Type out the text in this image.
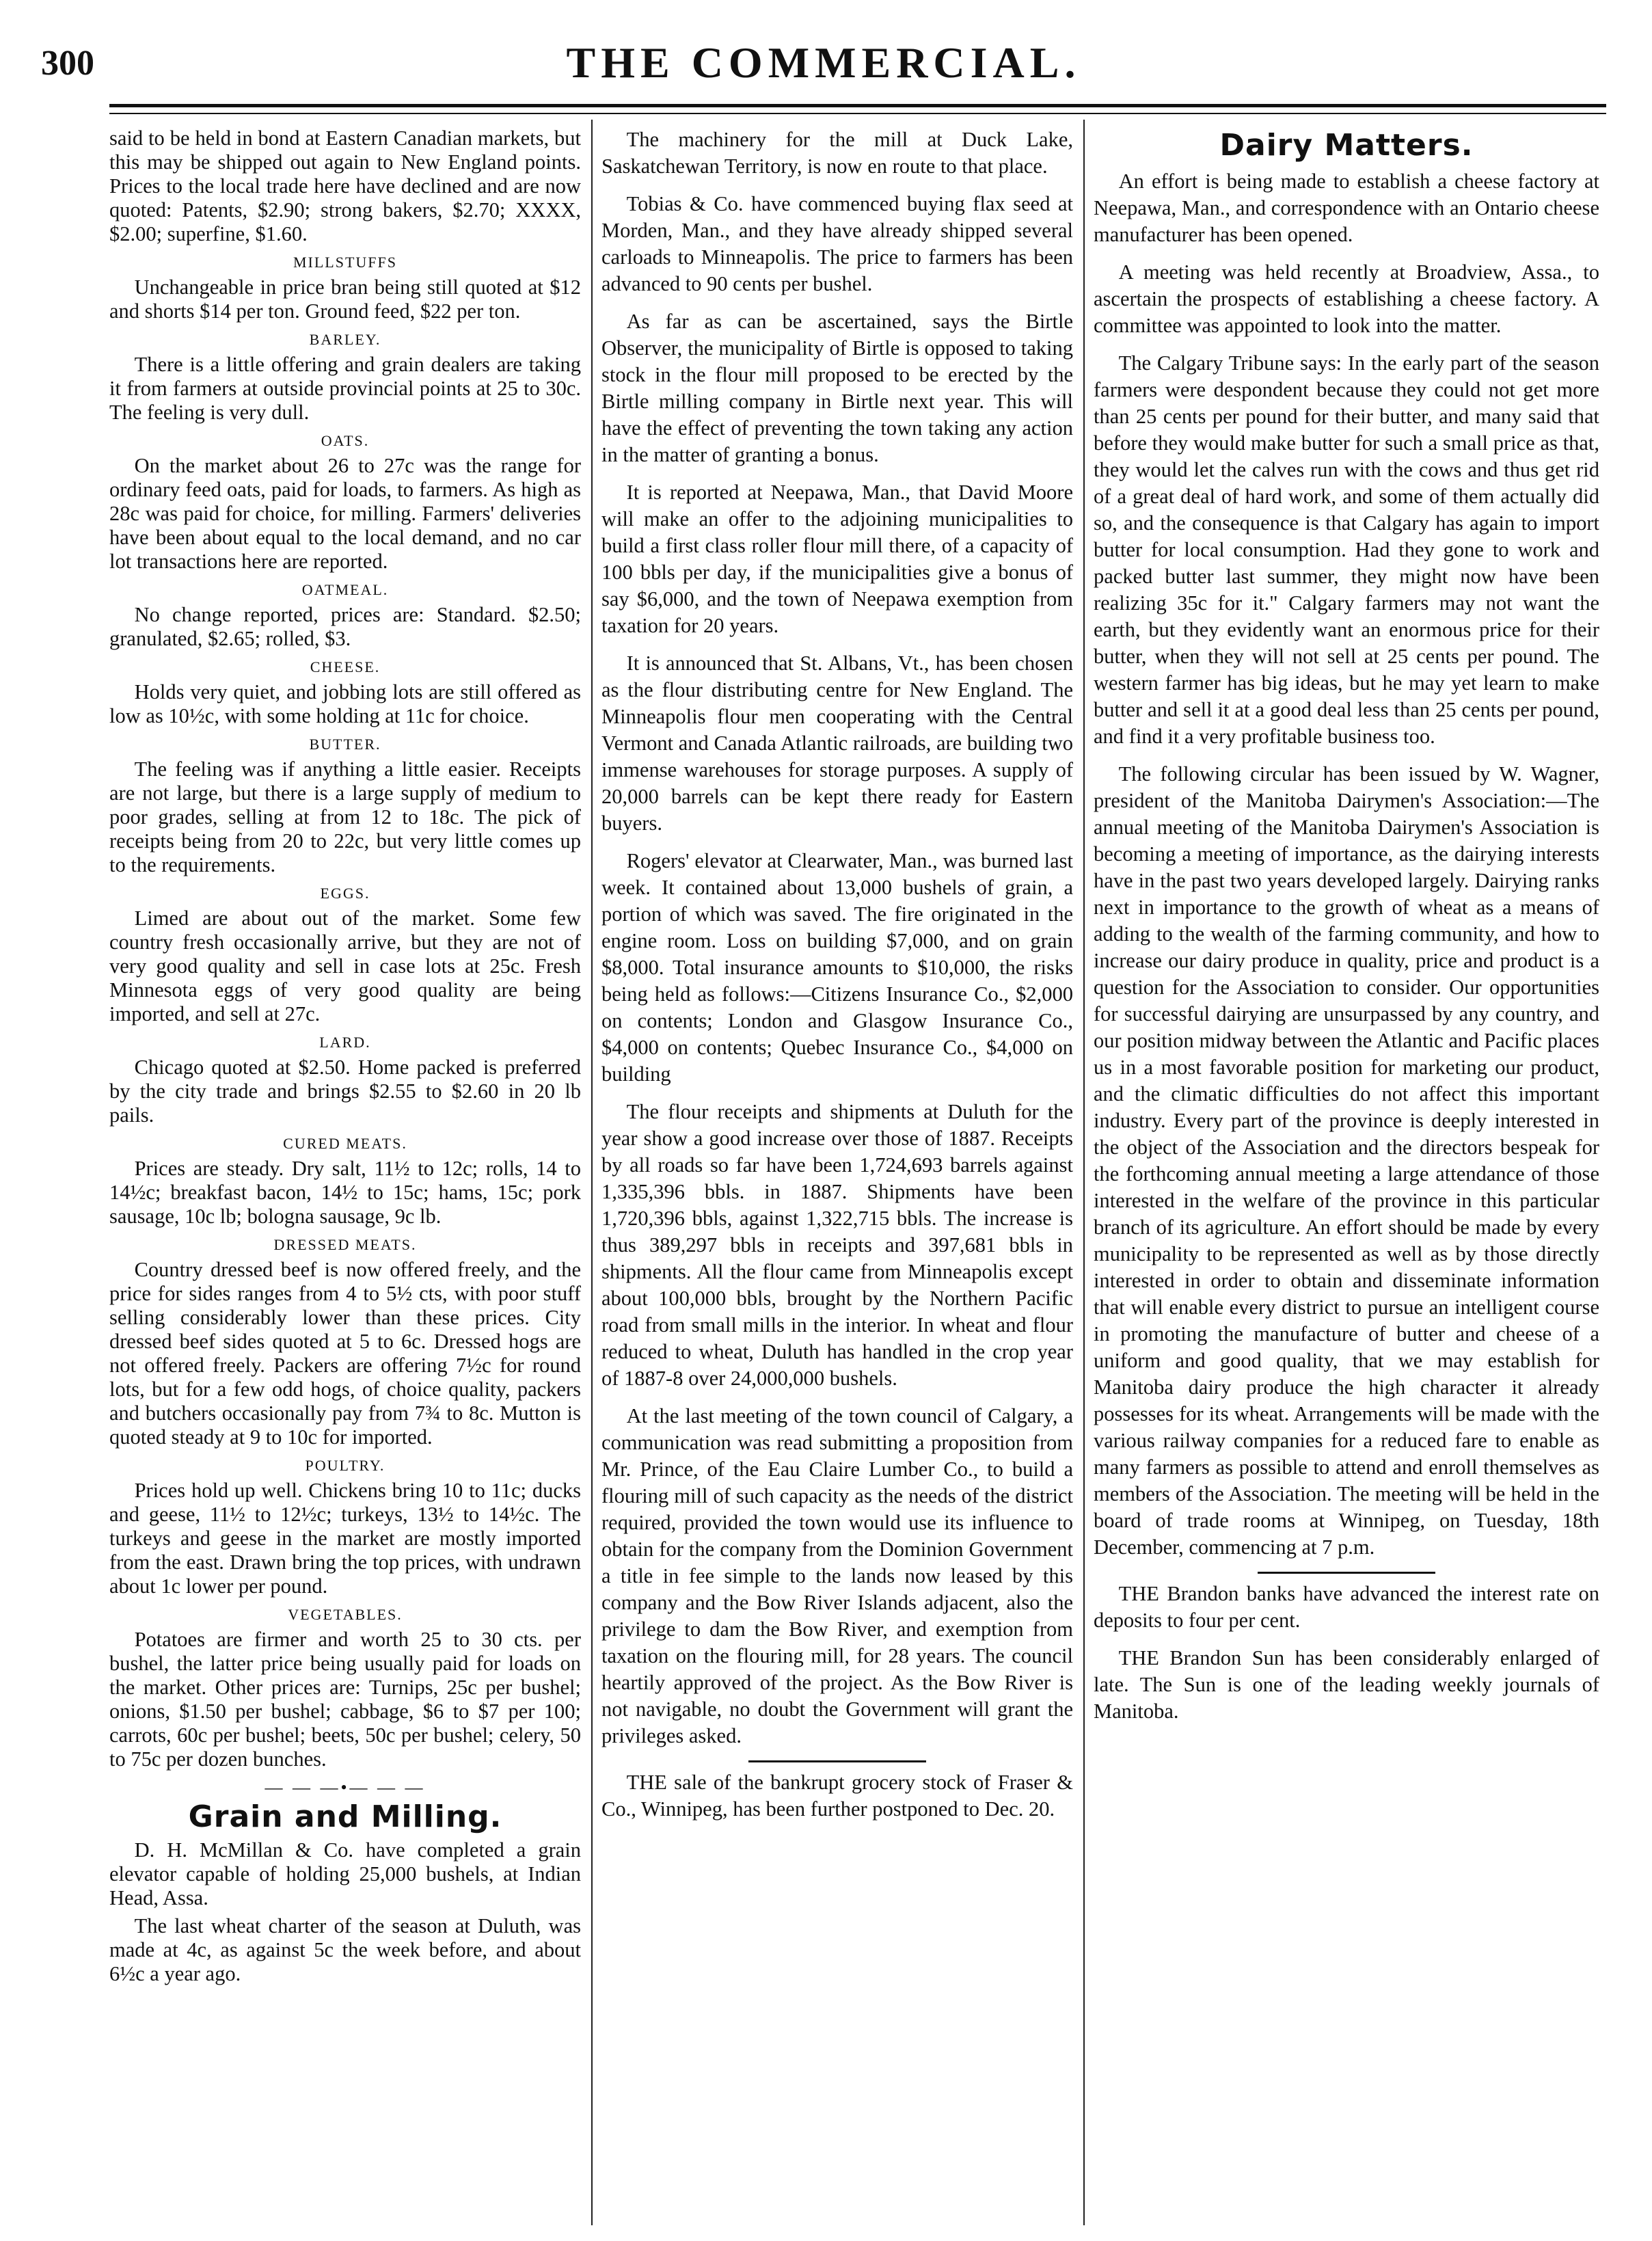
300	THE COMMERCIAL.

said to be held in bond at Eastern Canadian markets, but this may be shipped out again to New England points. Prices to the local trade here have declined and are now quoted: Patents, $2.90; strong bakers, $2.70; XXXX, $2.00; superfine, $1.60.

MILLSTUFFS

Unchangeable in price bran being still quoted at $12 and shorts $14 per ton. Ground feed, $22 per ton.

BARLEY.

There is a little offering and grain dealers are taking it from farmers at outside provincial points at 25 to 30c. The feeling is very dull.

OATS.

On the market about 26 to 27c was the range for ordinary feed oats, paid for loads, to farmers. As high as 28c was paid for choice, for milling. Farmers' deliveries have been about equal to the local demand, and no car lot transactions here are reported.

OATMEAL.

No change reported, prices are: Standard. $2.50; granulated, $2.65; rolled, $3.

CHEESE.

Holds very quiet, and jobbing lots are still offered as low as 10½c, with some holding at 11c for choice.

BUTTER.

The feeling was if anything a little easier. Receipts are not large, but there is a large supply of medium to poor grades, selling at from 12 to 18c. The pick of receipts being from 20 to 22c, but very little comes up to the requirements.

EGGS.

Limed are about out of the market. Some few country fresh occasionally arrive, but they are not of very good quality and sell in case lots at 25c. Fresh Minnesota eggs of very good quality are being imported, and sell at 27c.

LARD.

Chicago quoted at $2.50. Home packed is preferred by the city trade and brings $2.55 to $2.60 in 20 lb pails.

CURED MEATS.

Prices are steady. Dry salt, 11½ to 12c; rolls, 14 to 14½c; breakfast bacon, 14½ to 15c; hams, 15c; pork sausage, 10c lb; bologna sausage, 9c lb.

DRESSED MEATS.

Country dressed beef is now offered freely, and the price for sides ranges from 4 to 5½ cts, with poor stuff selling considerably lower than these prices. City dressed beef sides quoted at 5 to 6c. Dressed hogs are not offered freely. Packers are offering 7½c for round lots, but for a few odd hogs, of choice quality, packers and butchers occasionally pay from 7¾ to 8c. Mutton is quoted steady at 9 to 10c for imported.

POULTRY.

Prices hold up well. Chickens bring 10 to 11c; ducks and geese, 11½ to 12½c; turkeys, 13½ to 14½c. The turkeys and geese in the market are mostly imported from the east. Drawn bring the top prices, with undrawn about 1c lower per pound.

VEGETABLES.

Potatoes are firmer and worth 25 to 30 cts. per bushel, the latter price being usually paid for loads on the market. Other prices are: Turnips, 25c per bushel; onions, $1.50 per bushel; cabbage, $6 to $7 per 100; carrots, 60c per bushel; beets, 50c per bushel; celery, 50 to 75c per dozen bunches.

— — —•— — —
Grain and Milling.

D. H. McMillan & Co. have completed a grain elevator capable of holding 25,000 bushels, at Indian Head, Assa.

The last wheat charter of the season at Duluth, was made at 4c, as against 5c the week before, and about 6½c a year ago.

The machinery for the mill at Duck Lake, Saskatchewan Territory, is now en route to that place.

Tobias & Co. have commenced buying flax seed at Morden, Man., and they have already shipped several carloads to Minneapolis. The price to farmers has been advanced to 90 cents per bushel.

As far as can be ascertained, says the Birtle Observer, the municipality of Birtle is opposed to taking stock in the flour mill proposed to be erected by the Birtle milling company in Birtle next year. This will have the effect of preventing the town taking any action in the matter of granting a bonus.

It is reported at Neepawa, Man., that David Moore will make an offer to the adjoining municipalities to build a first class roller flour mill there, of a capacity of 100 bbls per day, if the municipalities give a bonus of say $6,000, and the town of Neepawa exemption from taxation for 20 years.

It is announced that St. Albans, Vt., has been chosen as the flour distributing centre for New England. The Minneapolis flour men cooperating with the Central Vermont and Canada Atlantic railroads, are building two immense warehouses for storage purposes. A supply of 20,000 barrels can be kept there ready for Eastern buyers.

Rogers' elevator at Clearwater, Man., was burned last week. It contained about 13,000 bushels of grain, a portion of which was saved. The fire originated in the engine room. Loss on building $7,000, and on grain $8,000. Total insurance amounts to $10,000, the risks being held as follows:—Citizens Insurance Co., $2,000 on contents; London and Glasgow Insurance Co., $4,000 on contents; Quebec Insurance Co., $4,000 on building

The flour receipts and shipments at Duluth for the year show a good increase over those of 1887. Receipts by all roads so far have been 1,724,693 barrels against 1,335,396 bbls. in 1887. Shipments have been 1,720,396 bbls, against 1,322,715 bbls. The increase is thus 389,297 bbls in receipts and 397,681 bbls in shipments. All the flour came from Minneapolis except about 100,000 bbls, brought by the Northern Pacific road from small mills in the interior. In wheat and flour reduced to wheat, Duluth has handled in the crop year of 1887-8 over 24,000,000 bushels.

At the last meeting of the town council of Calgary, a communication was read submitting a proposition from Mr. Prince, of the Eau Claire Lumber Co., to build a flouring mill of such capacity as the needs of the district required, provided the town would use its influence to obtain for the company from the Dominion Government a title in fee simple to the lands now leased by this company and the Bow River Islands adjacent, also the privilege to dam the Bow River, and exemption from taxation on the flouring mill, for 28 years. The council heartily approved of the project. As the Bow River is not navigable, no doubt the Government will grant the privileges asked.

THE sale of the bankrupt grocery stock of Fraser & Co., Winnipeg, has been further postponed to Dec. 20.

Dairy Matters.

An effort is being made to establish a cheese factory at Neepawa, Man., and correspondence with an Ontario cheese manufacturer has been opened.

A meeting was held recently at Broadview, Assa., to ascertain the prospects of establishing a cheese factory. A committee was appointed to look into the matter.

The Calgary Tribune says: In the early part of the season farmers were despondent because they could not get more than 25 cents per pound for their butter, and many said that before they would make butter for such a small price as that, they would let the calves run with the cows and thus get rid of a great deal of hard work, and some of them actually did so, and the consequence is that Calgary has again to import butter for local consumption. Had they gone to work and packed butter last summer, they might now have been realizing 35c for it." Calgary farmers may not want the earth, but they evidently want an enormous price for their butter, when they will not sell at 25 cents per pound. The western farmer has big ideas, but he may yet learn to make butter and sell it at a good deal less than 25 cents per pound, and find it a very profitable business too.

The following circular has been issued by W. Wagner, president of the Manitoba Dairymen's Association:—The annual meeting of the Manitoba Dairymen's Association is becoming a meeting of importance, as the dairying interests have in the past two years developed largely. Dairying ranks next in importance to the growth of wheat as a means of adding to the wealth of the farming community, and how to increase our dairy produce in quality, price and product is a question for the Association to consider. Our opportunities for successful dairying are unsurpassed by any country, and our position midway between the Atlantic and Pacific places us in a most favorable position for marketing our product, and the climatic difficulties do not affect this important industry. Every part of the province is deeply interested in the object of the Association and the directors bespeak for the forthcoming annual meeting a large attendance of those interested in the welfare of the province in this particular branch of its agriculture. An effort should be made by every municipality to be represented as well as by those directly interested in order to obtain and disseminate information that will enable every district to pursue an intelligent course in promoting the manufacture of butter and cheese of a uniform and good quality, that we may establish for Manitoba dairy produce the high character it already possesses for its wheat. Arrangements will be made with the various railway companies for a reduced fare to enable as many farmers as possible to attend and enroll themselves as members of the Association. The meeting will be held in the board of trade rooms at Winnipeg, on Tuesday, 18th December, commencing at 7 p.m.

THE Brandon banks have advanced the interest rate on deposits to four per cent.

THE Brandon Sun has been considerably enlarged of late. The Sun is one of the leading weekly journals of Manitoba.
